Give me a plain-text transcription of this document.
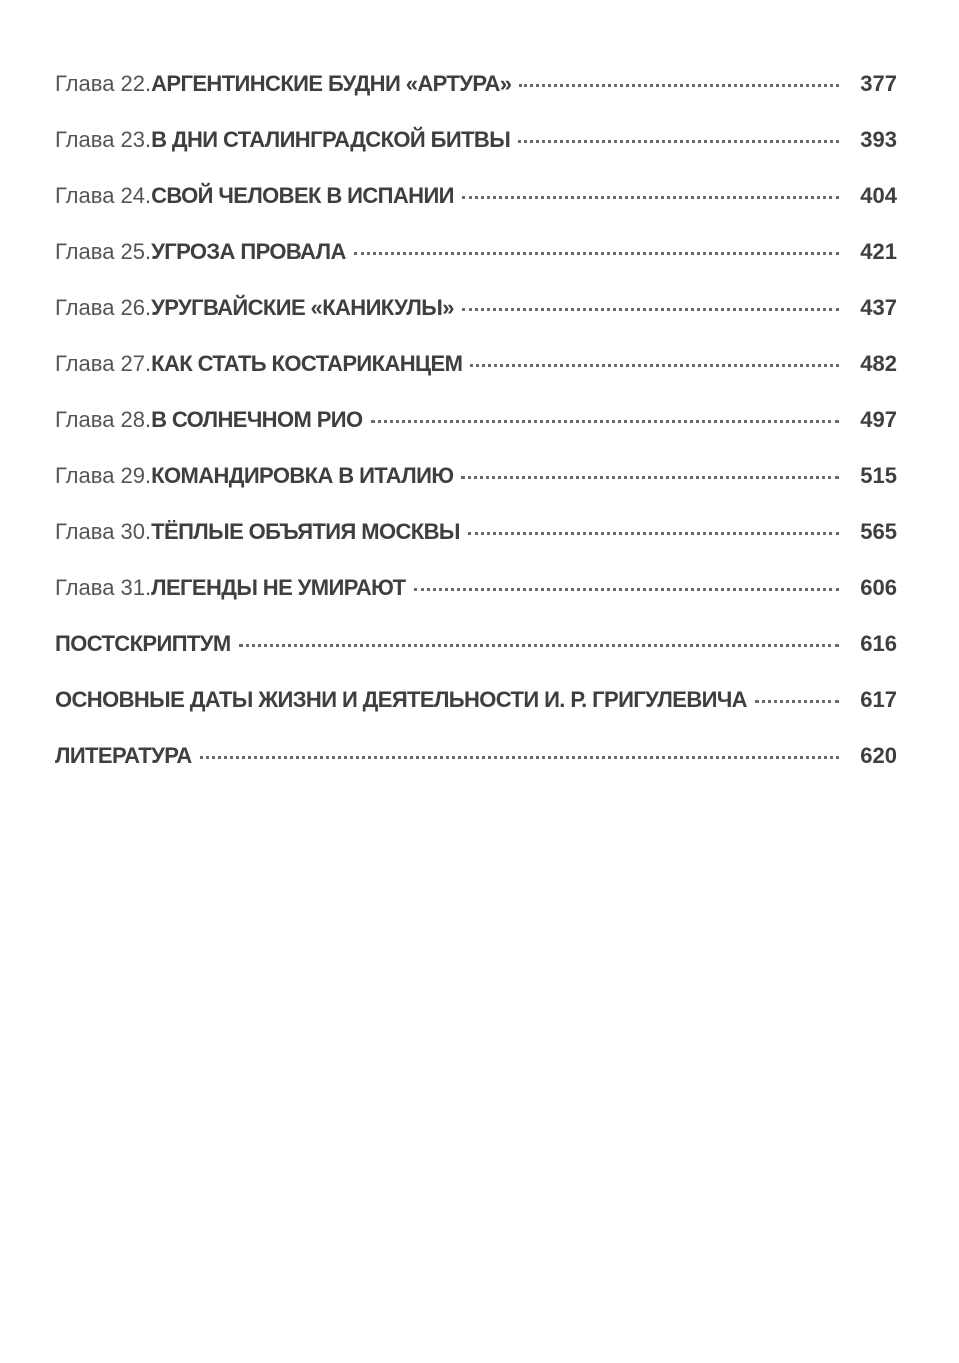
Глава 22. АРГЕНТИНСКИЕ БУДНИ «АРТУРА»	377
Глава 23. В ДНИ СТАЛИНГРАДСКОЙ БИТВЫ	393
Глава 24. СВОЙ ЧЕЛОВЕК В ИСПАНИИ	404
Глава 25. УГРОЗА ПРОВАЛА	421
Глава 26. УРУГВАЙСКИЕ «КАНИКУЛЫ»	437
Глава 27. КАК СТАТЬ КОСТАРИКАНЦЕМ	482
Глава 28. В СОЛНЕЧНОМ РИО	497
Глава 29. КОМАНДИРОВКА В ИТАЛИЮ	515
Глава 30. ТЁПЛЫЕ ОБЪЯТИЯ МОСКВЫ	565
Глава 31. ЛЕГЕНДЫ НЕ УМИРАЮТ	606
ПОСТСКРИПТУМ	616
ОСНОВНЫЕ ДАТЫ ЖИЗНИ И ДЕЯТЕЛЬНОСТИ И. Р. ГРИГУЛЕВИЧА	617
ЛИТЕРАТУРА	620
